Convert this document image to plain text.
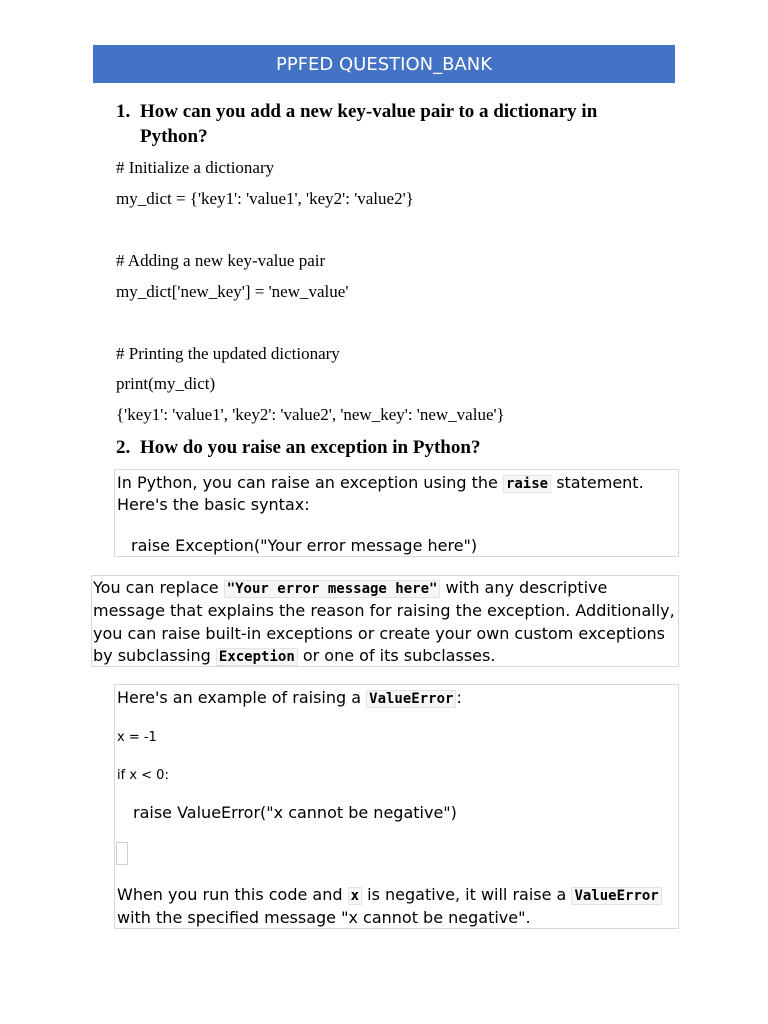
PPFED QUESTION_BANK
1. How can you add a new key-value pair to a dictionary in Python?
# Initialize a dictionary
my_dict = {'key1': 'value1', 'key2': 'value2'}
# Adding a new key-value pair
my_dict['new_key'] = 'new_value'
# Printing the updated dictionary
print(my_dict)
{'key1': 'value1', 'key2': 'value2', 'new_key': 'new_value'}
2. How do you raise an exception in Python?
In Python, you can raise an exception using the raise statement.
Here's the basic syntax:
raise Exception("Your error message here")
You can replace "Your error message here" with any descriptive
message that explains the reason for raising the exception. Additionally,
you can raise built-in exceptions or create your own custom exceptions
by subclassing Exception or one of its subclasses.
Here's an example of raising a ValueError :
x = -1
if x < 0:
raise ValueError("x cannot be negative")
When you run this code and x is negative, it will raise a ValueError
with the specified message "x cannot be negative".
